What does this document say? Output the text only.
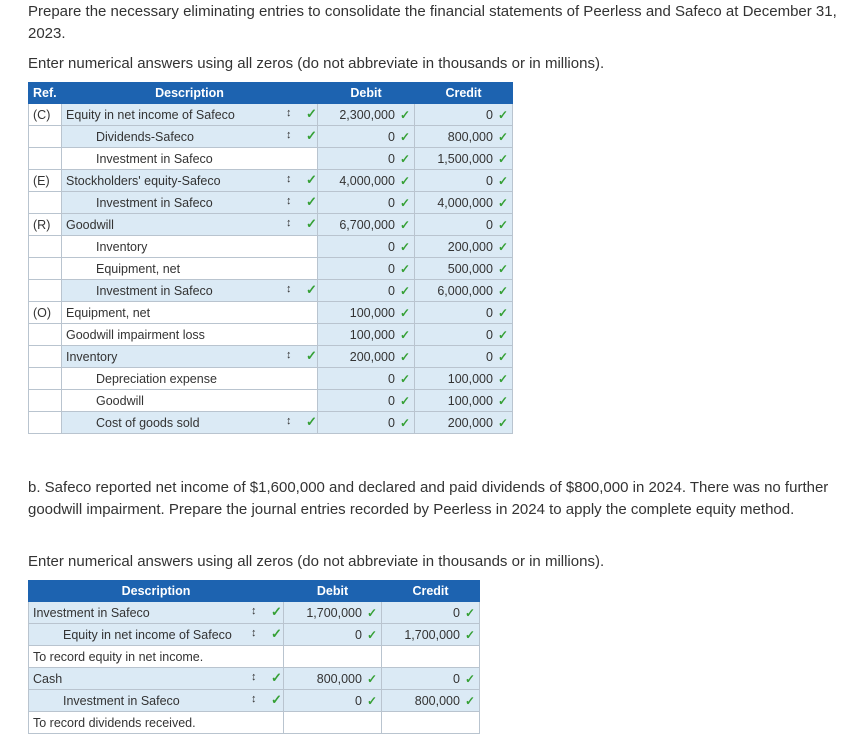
Prepare the necessary eliminating entries to consolidate the financial statements of Peerless and Safeco at December 31, 2023.

Enter numerical answers using all zeros (do not abbreviate in thousands or in millions).

Ref.	Description	Debit	Credit
(C)	Equity in net income of Safeco ↕ ✓	2,300,000 ✓	0 ✓
	Dividends-Safeco ↕ ✓	0 ✓	800,000 ✓
	Investment in Safeco	0 ✓	1,500,000 ✓
(E)	Stockholders' equity-Safeco ↕ ✓	4,000,000 ✓	0 ✓
	Investment in Safeco ↕ ✓	0 ✓	4,000,000 ✓
(R)	Goodwill ↕ ✓	6,700,000 ✓	0 ✓
	Inventory	0 ✓	200,000 ✓
	Equipment, net	0 ✓	500,000 ✓
	Investment in Safeco ↕ ✓	0 ✓	6,000,000 ✓
(O)	Equipment, net	100,000 ✓	0 ✓
	Goodwill impairment loss	100,000 ✓	0 ✓
	Inventory ↕ ✓	200,000 ✓	0 ✓
	Depreciation expense	0 ✓	100,000 ✓
	Goodwill	0 ✓	100,000 ✓
	Cost of goods sold ↕ ✓	0 ✓	200,000 ✓

b. Safeco reported net income of $1,600,000 and declared and paid dividends of $800,000 in 2024. There was no further goodwill impairment. Prepare the journal entries recorded by Peerless in 2024 to apply the complete equity method.

Enter numerical answers using all zeros (do not abbreviate in thousands or in millions).

Description	Debit	Credit
Investment in Safeco ↕ ✓	1,700,000 ✓	0 ✓
Equity in net income of Safeco ↕ ✓	0 ✓	1,700,000 ✓
To record equity in net income.		
Cash ↕ ✓	800,000 ✓	0 ✓
Investment in Safeco ↕ ✓	0 ✓	800,000 ✓
To record dividends received.		
